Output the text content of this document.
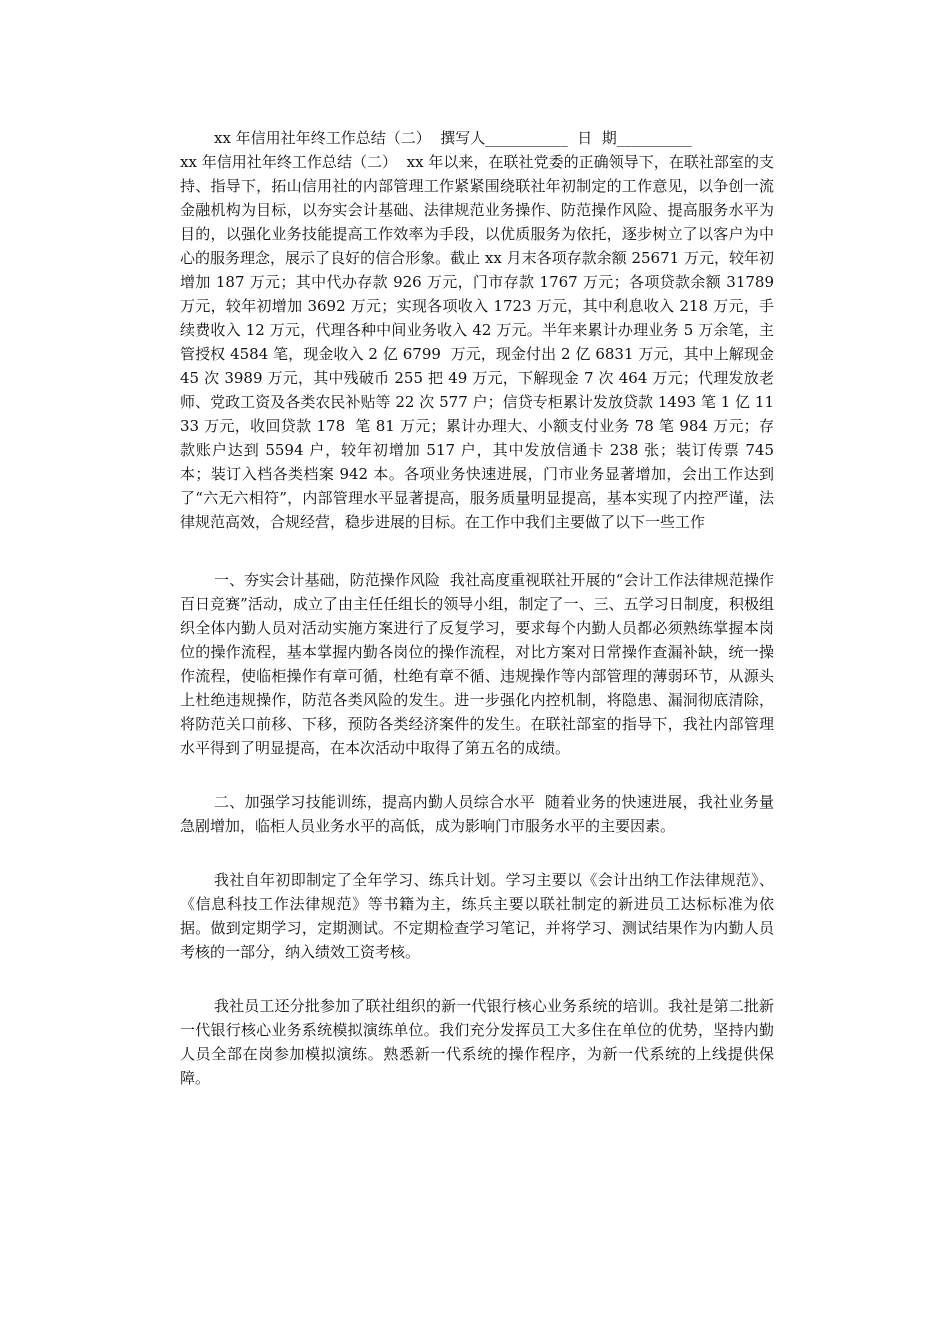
xx 年信用社年终工作总结（二）  撰写人___________  日  期__________

xx 年信用社年终工作总结（二）  xx 年以来，在联社党委的正确领导下，在联社部室的支持、指导下，拓山信用社的内部管理工作紧紧围绕联社年初制定的工作意见，以争创一流金融机构为目标，以夯实会计基础、法律规范业务操作、防范操作风险、提高服务水平为目的，以强化业务技能提高工作效率为手段，以优质服务为依托，逐步树立了以客户为中心的服务理念，展示了良好的信合形象。截止 xx 月末各项存款余额 25671 万元，较年初增加 187 万元；其中代办存款 926 万元，门市存款 1767 万元；各项贷款余额 31789 万元，较年初增加 3692 万元；实现各项收入 1723 万元，其中利息收入 218 万元，手续费收入 12 万元，代理各种中间业务收入 42 万元。半年来累计办理业务 5 万余笔，主管授权 4584 笔，现金收入 2 亿 6799  万元，现金付出 2 亿 6831 万元，其中上解现金 45 次 3989 万元，其中残破币 255 把 49 万元，下解现金 7 次 464 万元；代理发放老师、党政工资及各类农民补贴等 22 次 577 户；信贷专柜累计发放贷款 1493 笔 1 亿 1133 万元，收回贷款 178  笔 81 万元；累计办理大、小额支付业务 78 笔 984 万元；存款账户达到 5594 户，较年初增加 517 户，其中发放信通卡 238 张；装订传票 745 本；装订入档各类档案 942 本。各项业务快速进展，门市业务显著增加，会出工作达到了“六无六相符”，内部管理水平显著提高，服务质量明显提高，基本实现了内控严谨，法律规范高效，合规经营，稳步进展的目标。在工作中我们主要做了以下一些工作

一、夯实会计基础，防范操作风险  我社高度重视联社开展的“会计工作法律规范操作百日竞赛”活动，成立了由主任任组长的领导小组，制定了一、三、五学习日制度，积极组织全体内勤人员对活动实施方案进行了反复学习，要求每个内勤人员都必须熟练掌握本岗位的操作流程，基本掌握内勤各岗位的操作流程，对比方案对日常操作查漏补缺，统一操作流程，使临柜操作有章可循，杜绝有章不循、违规操作等内部管理的薄弱环节，从源头上杜绝违规操作，防范各类风险的发生。进一步强化内控机制，将隐患、漏洞彻底清除，将防范关口前移、下移，预防各类经济案件的发生。在联社部室的指导下，我社内部管理水平得到了明显提高，在本次活动中取得了第五名的成绩。

二、加强学习技能训练，提高内勤人员综合水平  随着业务的快速进展，我社业务量急剧增加，临柜人员业务水平的高低，成为影响门市服务水平的主要因素。

我社自年初即制定了全年学习、练兵计划。学习主要以《会计出纳工作法律规范》、《信息科技工作法律规范》等书籍为主，练兵主要以联社制定的新进员工达标标准为依据。做到定期学习，定期测试。不定期检查学习笔记，并将学习、测试结果作为内勤人员考核的一部分，纳入绩效工资考核。

我社员工还分批参加了联社组织的新一代银行核心业务系统的培训。我社是第二批新一代银行核心业务系统模拟演练单位。我们充分发挥员工大多住在单位的优势，坚持内勤人员全部在岗参加模拟演练。熟悉新一代系统的操作程序，为新一代系统的上线提供保障。
